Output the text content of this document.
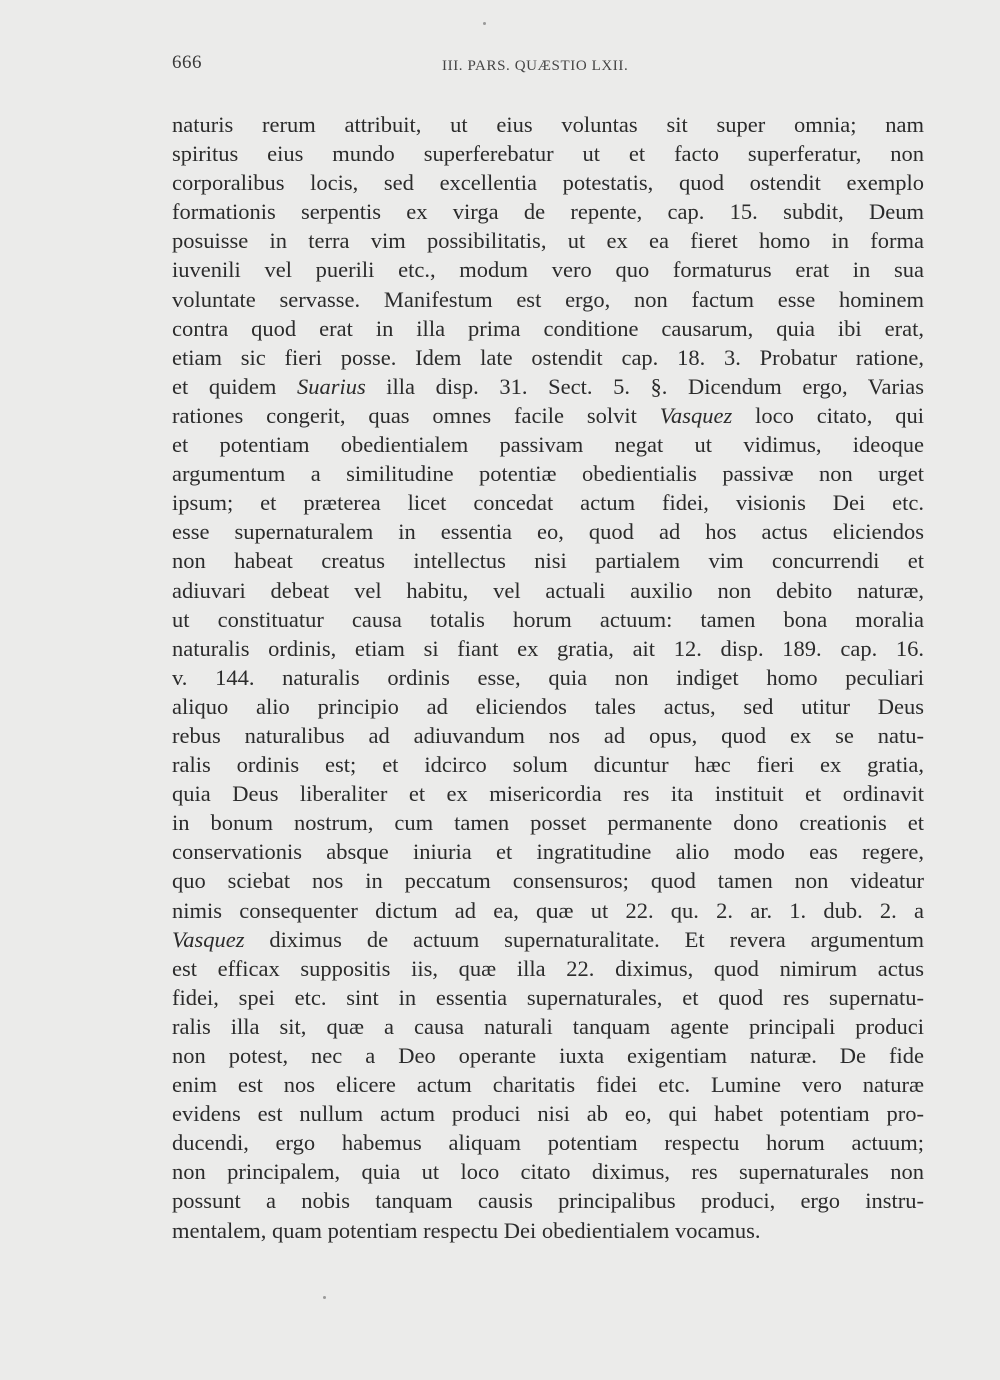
666	III. PARS. QUÆSTIO LXII.
naturis rerum attribuit, ut eius voluntas sit super omnia; nam
spiritus eius mundo superferebatur ut et facto superferatur, non
corporalibus locis, sed excellentia potestatis, quod ostendit exemplo
formationis serpentis ex virga de repente, cap. 15. subdit, Deum
posuisse in terra vim possibilitatis, ut ex ea fieret homo in forma
iuvenili vel puerili etc., modum vero quo formaturus erat in sua
voluntate servasse. Manifestum est ergo, non factum esse hominem
contra quod erat in illa prima conditione causarum, quia ibi erat,
etiam sic fieri posse. Idem late ostendit cap. 18. 3. Probatur ratione,
et quidem Suarius illa disp. 31. Sect. 5. §. Dicendum ergo, Varias
rationes congerit, quas omnes facile solvit Vasquez loco citato, qui
et potentiam obedientialem passivam negat ut vidimus, ideoque
argumentum a similitudine potentiæ obedientialis passivæ non urget
ipsum; et præterea licet concedat actum fidei, visionis Dei etc.
esse supernaturalem in essentia eo, quod ad hos actus eliciendos
non habeat creatus intellectus nisi partialem vim concurrendi et
adiuvari debeat vel habitu, vel actuali auxilio non debito naturæ,
ut constituatur causa totalis horum actuum: tamen bona moralia
naturalis ordinis, etiam si fiant ex gratia, ait 12. disp. 189. cap. 16.
v. 144. naturalis ordinis esse, quia non indiget homo peculiari
aliquo alio principio ad eliciendos tales actus, sed utitur Deus
rebus naturalibus ad adiuvandum nos ad opus, quod ex se natu-
ralis ordinis est; et idcirco solum dicuntur hæc fieri ex gratia,
quia Deus liberaliter et ex misericordia res ita instituit et ordinavit
in bonum nostrum, cum tamen posset permanente dono creationis et
conservationis absque iniuria et ingratitudine alio modo eas regere,
quo sciebat nos in peccatum consensuros; quod tamen non videatur
nimis consequenter dictum ad ea, quæ ut 22. qu. 2. ar. 1. dub. 2. a
Vasquez diximus de actuum supernaturalitate. Et revera argumentum
est efficax suppositis iis, quæ illa 22. diximus, quod nimirum actus
fidei, spei etc. sint in essentia supernaturales, et quod res supernatu-
ralis illa sit, quæ a causa naturali tanquam agente principali produci
non potest, nec a Deo operante iuxta exigentiam naturæ. De fide
enim est nos elicere actum charitatis fidei etc. Lumine vero naturæ
evidens est nullum actum produci nisi ab eo, qui habet potentiam pro-
ducendi, ergo habemus aliquam potentiam respectu horum actuum;
non principalem, quia ut loco citato diximus, res supernaturales non
possunt a nobis tanquam causis principalibus produci, ergo instru-
mentalem, quam potentiam respectu Dei obedientialem vocamus.
